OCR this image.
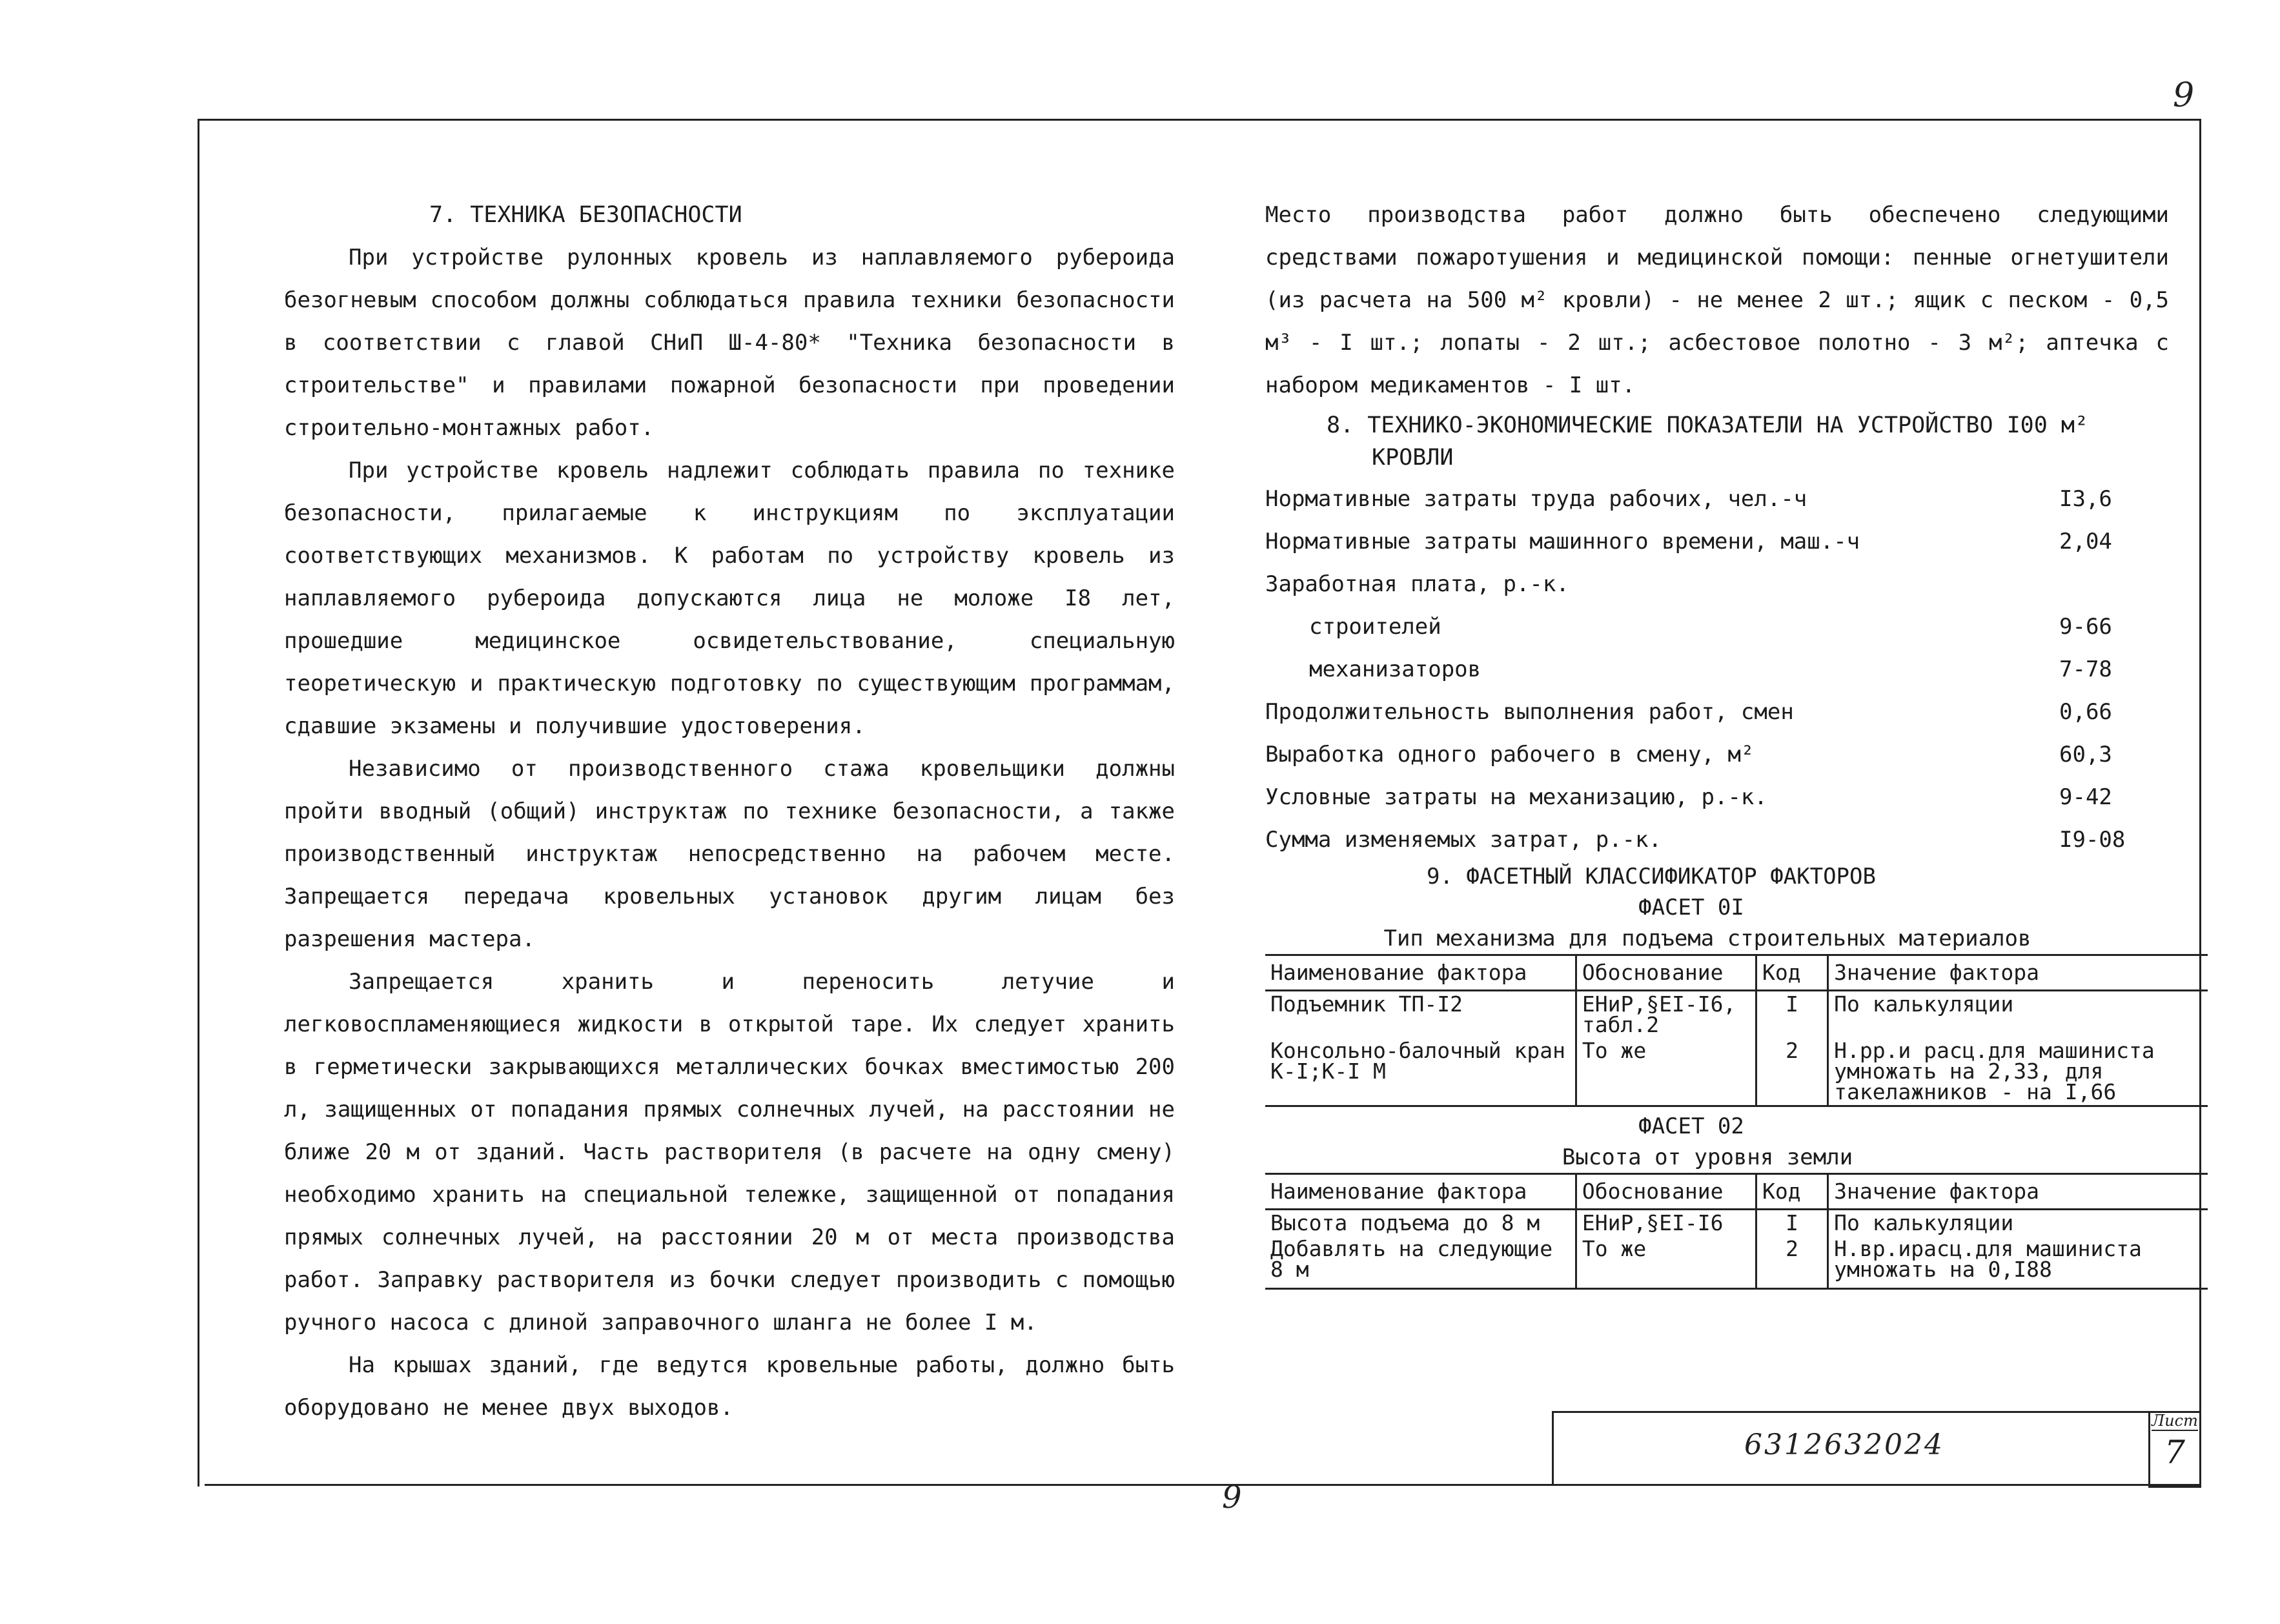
9

7. ТЕХНИКА БЕЗОПАСНОСТИ

При устройстве рулонных кровель из наплавляемого рубероида безогневым способом должны соблюдаться правила техники безопасности в соответствии с главой СНиП Ш-4-80* "Техника безопасности в строительстве" и правилами пожарной безопасности при проведении строительно-монтажных работ.

При устройстве кровель надлежит соблюдать правила по технике безопасности, прилагаемые к инструкциям по эксплуатации соответствующих механизмов. К работам по устройству кровель из наплавляемого рубероида допускаются лица не моложе I8 лет, прошедшие медицинское освидетельствование, специальную теоретическую и практическую подготовку по существующим программам, сдавшие экзамены и получившие удостоверения.

Независимо от производственного стажа кровельщики должны пройти вводный (общий) инструктаж по технике безопасности, а также производственный инструктаж непосредственно на рабочем месте. Запрещается передача кровельных установок другим лицам без разрешения мастера.

Запрещается хранить и переносить летучие и легковоспламеняющиеся жидкости в открытой таре. Их следует хранить в герметически закрывающихся металлических бочках вместимостью 200 л, защищенных от попадания прямых солнечных лучей, на расстоянии не ближе 20 м от зданий. Часть растворителя (в расчете на одну смену) необходимо хранить на специальной тележке, защищенной от попадания прямых солнечных лучей, на расстоянии 20 м от места производства работ. Заправку растворителя из бочки следует производить с помощью ручного насоса с длиной заправочного шланга не более I м.

На крышах зданий, где ведутся кровельные работы, должно быть оборудовано не менее двух выходов.

Место производства работ должно быть обеспечено следующими средствами пожаротушения и медицинской помощи: пенные огнетушители (из расчета на 500 м² кровли) - не менее 2 шт.; ящик с песком - 0,5 м³ - I шт.; лопаты - 2 шт.; асбестовое полотно - 3 м²; аптечка с набором медикаментов - I шт.

8. ТЕХНИКО-ЭКОНОМИЧЕСКИЕ ПОКАЗАТЕЛИ НА УСТРОЙСТВО I00 м²
КРОВЛИ
Нормативные затраты труда рабочих, чел.-ч	I3,6
Нормативные затраты машинного времени, маш.-ч	2,04
Заработная плата, р.-к.
строителей	9-66
механизаторов	7-78
Продолжительность выполнения работ, смен	0,66
Выработка одного рабочего в смену, м²	60,3
Условные затраты на механизацию, р.-к.	9-42
Сумма изменяемых затрат, р.-к.	I9-08
9. ФАСЕТНЫЙ КЛАССИФИКАТОР ФАКТОРОВ
ФАСЕТ 0I
Тип механизма для подъема строительных материалов
Наименование фактора	Обоснование	Код	Значение фактора
Подъемник ТП-I2	ЕНиР,§ЕI-I6, табл.2	I	По калькуляции
Консольно-балочный кран К-I;К-I М	То же	2	Н.рр.и расц.для машиниста умножать на 2,33, для такелажников - на I,66
ФАСЕТ 02
Высота от уровня земли
Наименование фактора	Обоснование	Код	Значение фактора
Высота подъема до 8 м	ЕНиР,§ЕI-I6	I	По калькуляции
Добавлять на следующие 8 м	То же	2	Н.вр.ирасц.для машиниста умножать на 0,I88
6312632024
Лист
7
9
